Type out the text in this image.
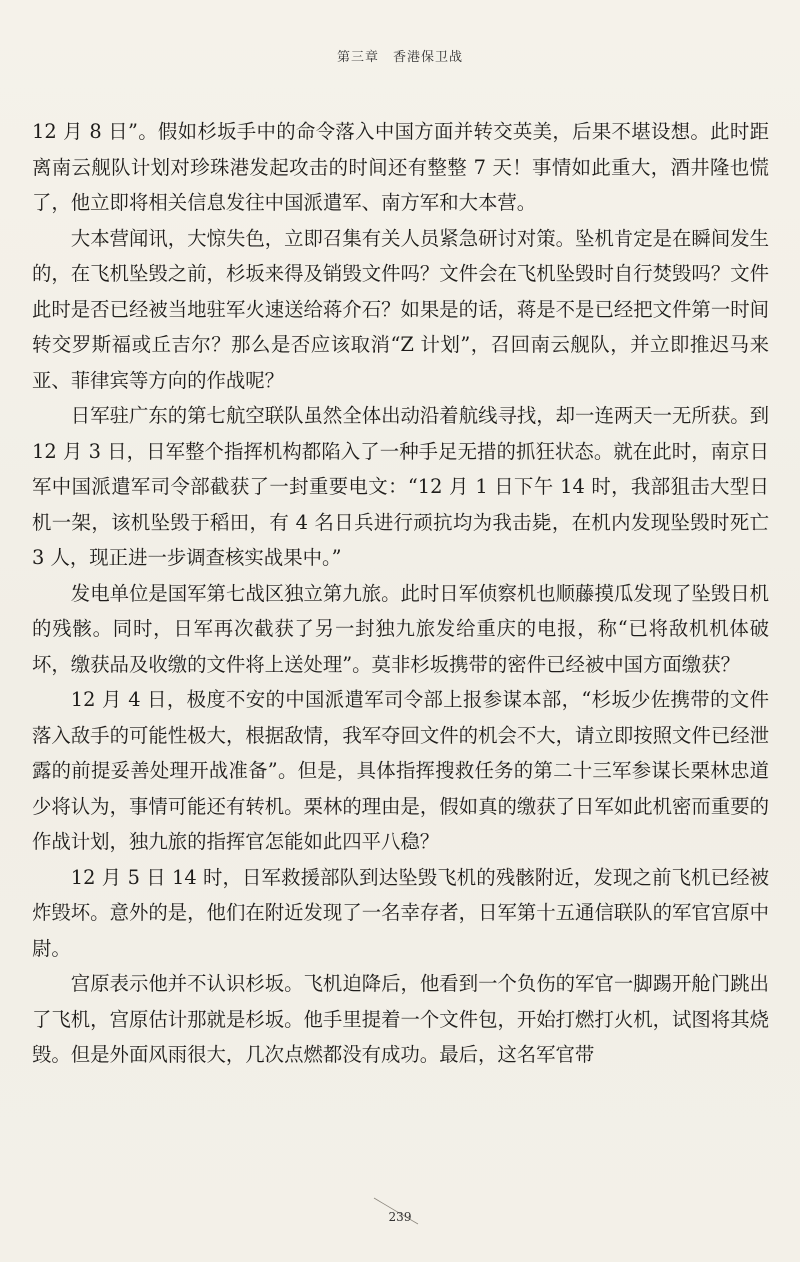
第三章　香港保卫战

12 月 8 日”。假如杉坂手中的命令落入中国方面并转交英美，后果不堪设想。此时距离南云舰队计划对珍珠港发起攻击的时间还有整整 7 天！事情如此重大，酒井隆也慌了，他立即将相关信息发往中国派遣军、南方军和大本营。

大本营闻讯，大惊失色，立即召集有关人员紧急研讨对策。坠机肯定是在瞬间发生的，在飞机坠毁之前，杉坂来得及销毁文件吗？文件会在飞机坠毁时自行焚毁吗？文件此时是否已经被当地驻军火速送给蒋介石？如果是的话，蒋是不是已经把文件第一时间转交罗斯福或丘吉尔？那么是否应该取消“Z 计划”，召回南云舰队，并立即推迟马来亚、菲律宾等方向的作战呢？

日军驻广东的第七航空联队虽然全体出动沿着航线寻找，却一连两天一无所获。到 12 月 3 日，日军整个指挥机构都陷入了一种手足无措的抓狂状态。就在此时，南京日军中国派遣军司令部截获了一封重要电文：“12 月 1 日下午 14 时，我部狙击大型日机一架，该机坠毁于稻田，有 4 名日兵进行顽抗均为我击毙，在机内发现坠毁时死亡 3 人，现正进一步调查核实战果中。”

发电单位是国军第七战区独立第九旅。此时日军侦察机也顺藤摸瓜发现了坠毁日机的残骸。同时，日军再次截获了另一封独九旅发给重庆的电报，称“已将敌机机体破坏，缴获品及收缴的文件将上送处理”。莫非杉坂携带的密件已经被中国方面缴获？

12 月 4 日，极度不安的中国派遣军司令部上报参谋本部，“杉坂少佐携带的文件落入敌手的可能性极大，根据敌情，我军夺回文件的机会不大，请立即按照文件已经泄露的前提妥善处理开战准备”。但是，具体指挥搜救任务的第二十三军参谋长栗林忠道少将认为，事情可能还有转机。栗林的理由是，假如真的缴获了日军如此机密而重要的作战计划，独九旅的指挥官怎能如此四平八稳？

12 月 5 日 14 时，日军救援部队到达坠毁飞机的残骸附近，发现之前飞机已经被炸毁坏。意外的是，他们在附近发现了一名幸存者，日军第十五通信联队的军官宫原中尉。

宫原表示他并不认识杉坂。飞机迫降后，他看到一个负伤的军官一脚踢开舱门跳出了飞机，宫原估计那就是杉坂。他手里提着一个文件包，开始打燃打火机，试图将其烧毁。但是外面风雨很大，几次点燃都没有成功。最后，这名军官带

239
